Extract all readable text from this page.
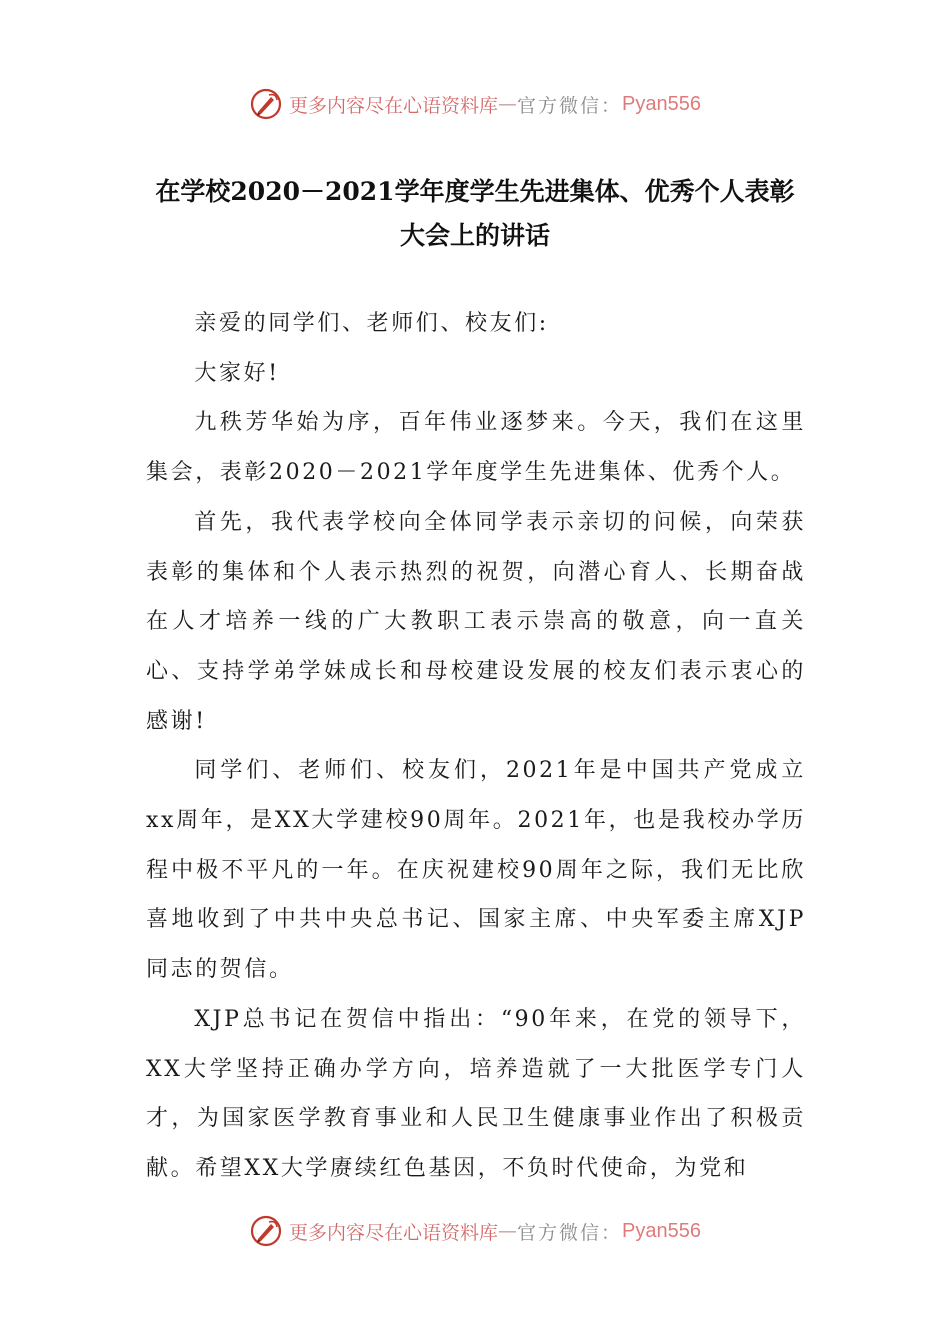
更多内容尽在心语资料库 — 官方微信： Pyan556
在学校2020－2021学年度学生先进集体、优秀个人表彰大会上的讲话

亲爱的同学们、老师们、校友们:

大家好!

九秩芳华始为序，百年伟业逐梦来。今天，我们在这里集会，表彰2020－2021学年度学生先进集体、优秀个人。

首先，我代表学校向全体同学表示亲切的问候，向荣获表彰的集体和个人表示热烈的祝贺，向潜心育人、长期奋战在人才培养一线的广大教职工表示崇高的敬意，向一直关心、支持学弟学妹成长和母校建设发展的校友们表示衷心的感谢!

同学们、老师们、校友们，2021年是中国共产党成立xx周年，是XX大学建校90周年。2021年，也是我校办学历程中极不平凡的一年。在庆祝建校90周年之际，我们无比欣喜地收到了中共中央总书记、国家主席、中央军委主席XJP同志的贺信。

XJP总书记在贺信中指出：“90年来，在党的领导下，XX大学坚持正确办学方向，培养造就了一大批医学专门人才，为国家医学教育事业和人民卫生健康事业作出了积极贡献。希望XX大学赓续红色基因，不负时代使命，为党和

更多内容尽在心语资料库 — 官方微信： Pyan556
